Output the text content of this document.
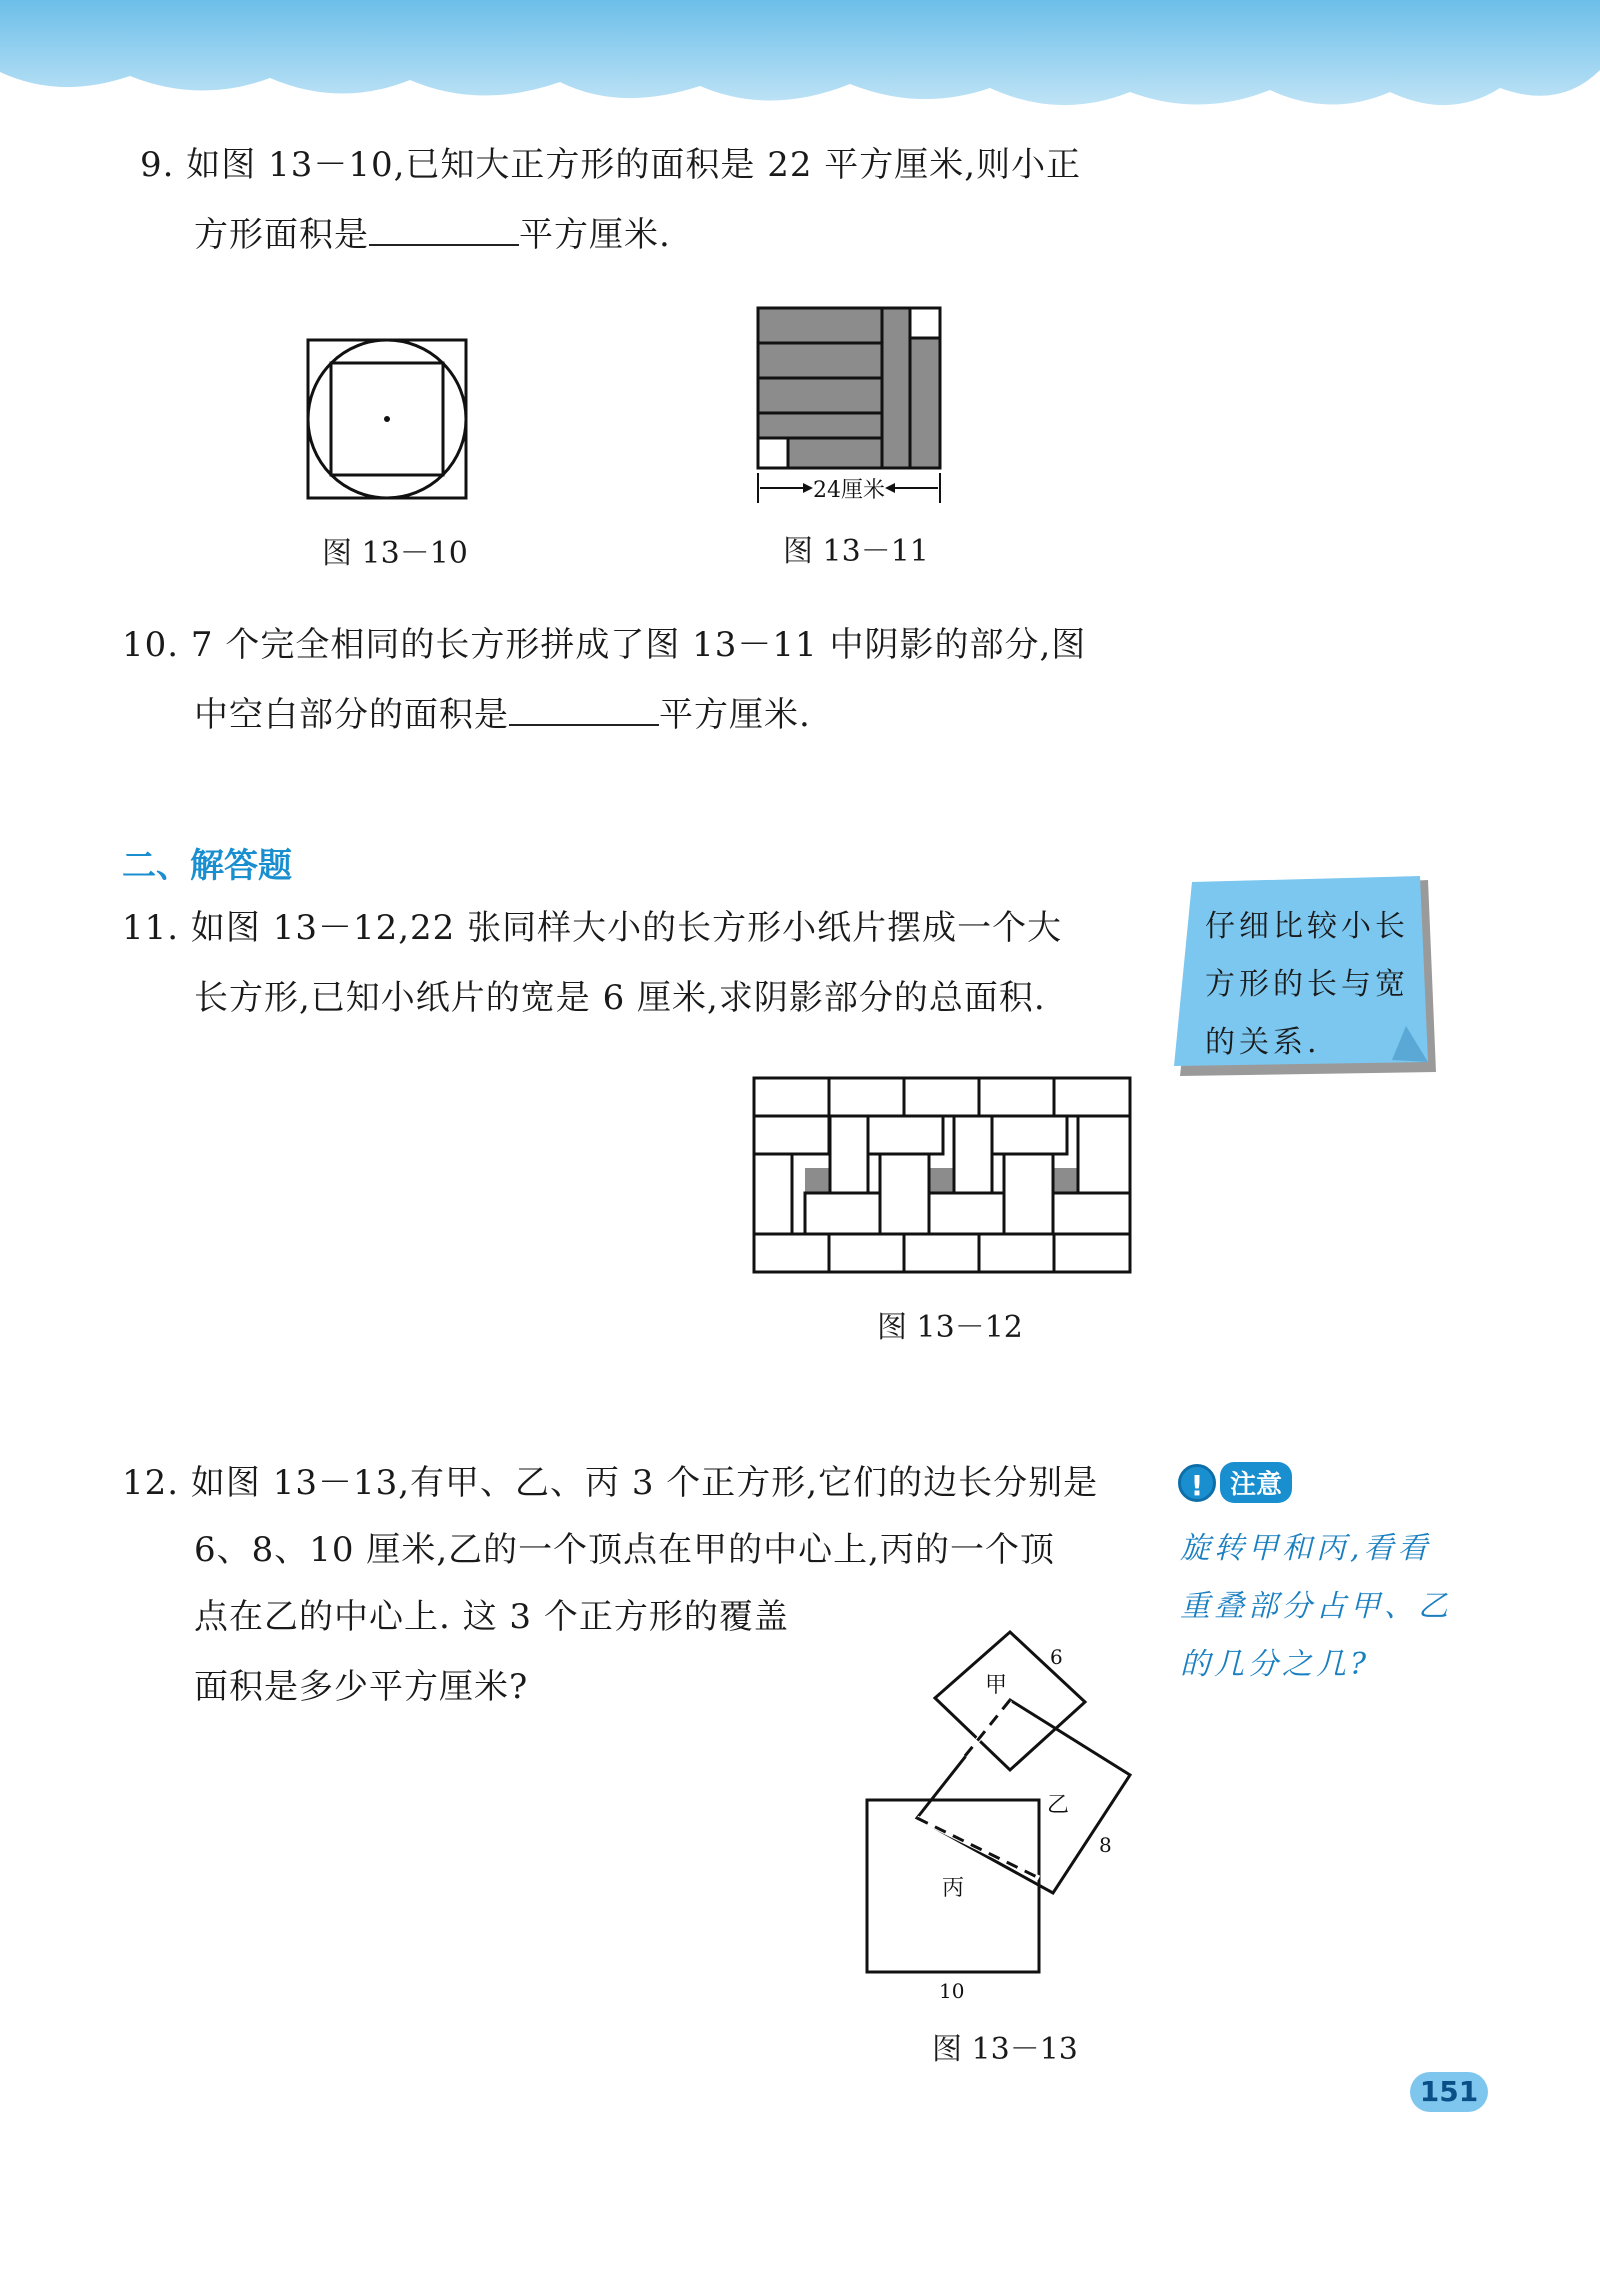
9. 如图 13－10,已知大正方形的面积是 22 平方厘米,则小正
方形面积是	平方厘米.
图 13－10
24厘米
图 13－11
10. 7 个完全相同的长方形拼成了图 13－11 中阴影的部分,图
中空白部分的面积是	平方厘米.
二、解答题
11. 如图 13－12,22 张同样大小的长方形小纸片摆成一个大
长方形,已知小纸片的宽是 6 厘米,求阴影部分的总面积.
仔细比较小长
方形的长与宽
的关系.
图 13－12
12. 如图 13－13,有甲、乙、丙 3 个正方形,它们的边长分别是
6、8、10 厘米,乙的一个顶点在甲的中心上,丙的一个顶
点在乙的中心上. 这 3 个正方形的覆盖
面积是多少平方厘米?
!	注意
旋转甲和丙,看看
重叠部分占甲、乙
的几分之几?
甲
乙
丙
6
8
10
图 13－13
151
